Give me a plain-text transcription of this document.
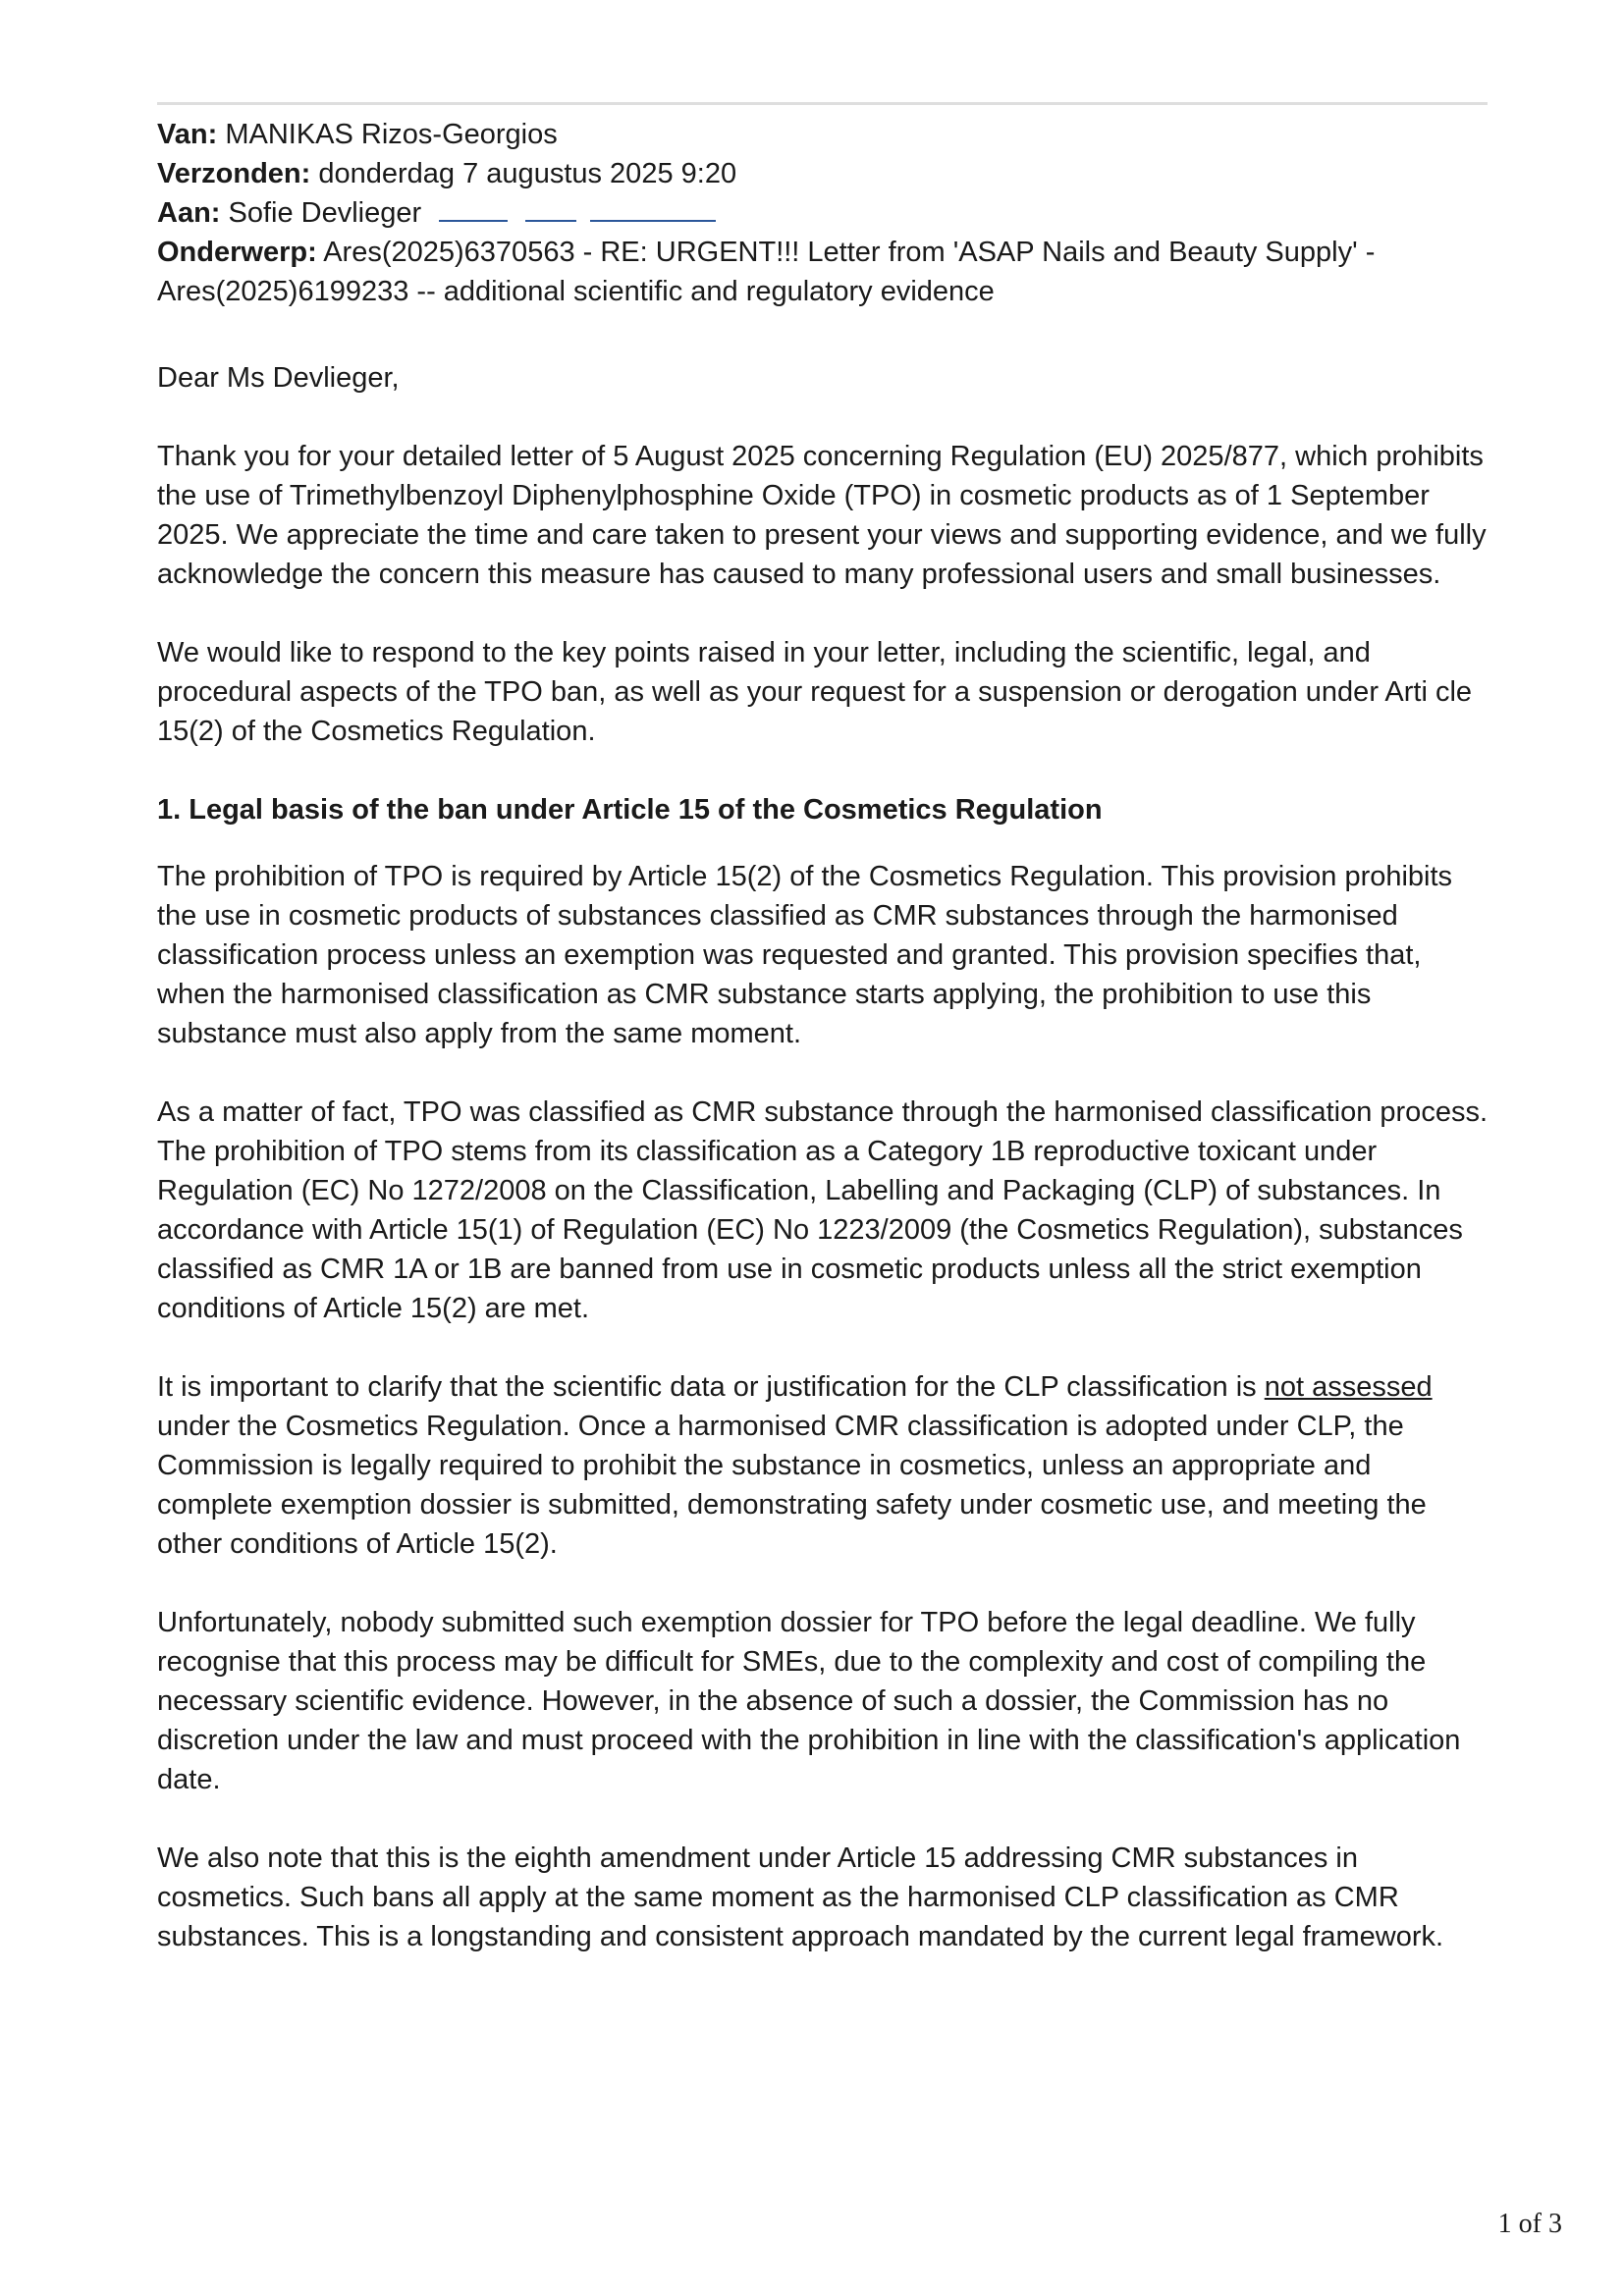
Van: MANIKAS Rizos-Georgios
Verzonden: donderdag 7 augustus 2025 9:20
Aan: Sofie Devlieger
Onderwerp: Ares(2025)6370563 - RE: URGENT!!! Letter from 'ASAP Nails and Beauty Supply' -
Ares(2025)6199233 -- additional scientific and regulatory evidence

Dear Ms Devlieger,

Thank you for your detailed letter of 5 August 2025 concerning Regulation (EU) 2025/877, which prohibits the use of Trimethylbenzoyl Diphenylphosphine Oxide (TPO) in cosmetic products as of 1 September 2025. We appreciate the time and care taken to present your views and supporting evidence, and we fully acknowledge the concern this measure has caused to many professional users and small businesses.

We would like to respond to the key points raised in your letter, including the scientific, legal, and procedural aspects of the TPO ban, as well as your request for a suspension or derogation under Arti cle 15(2) of the Cosmetics Regulation.

1. Legal basis of the ban under Article 15 of the Cosmetics Regulation

The prohibition of TPO is required by Article 15(2) of the Cosmetics Regulation. This provision prohibits the use in cosmetic products of substances classified as CMR substances through the harmonised classification process unless an exemption was requested and granted. This provision specifies that, when the harmonised classification as CMR substance starts applying, the prohibition to use this substance must also apply from the same moment.

As a matter of fact, TPO was classified as CMR substance through the harmonised classification process. The prohibition of TPO stems from its classification as a Category 1B reproductive toxicant under Regulation (EC) No 1272/2008 on the Classification, Labelling and Packaging (CLP) of substances. In accordance with Article 15(1) of Regulation (EC) No 1223/2009 (the Cosmetics Regulation), substances classified as CMR 1A or 1B are banned from use in cosmetic products unless all the strict exemption conditions of Article 15(2) are met.

It is important to clarify that the scientific data or justification for the CLP classification is not assessed under the Cosmetics Regulation. Once a harmonised CMR classification is adopted under CLP, the Commission is legally required to prohibit the substance in cosmetics, unless an appropriate and complete exemption dossier is submitted, demonstrating safety under cosmetic use, and meeting the other conditions of Article 15(2).

Unfortunately, nobody submitted such exemption dossier for TPO before the legal deadline. We fully recognise that this process may be difficult for SMEs, due to the complexity and cost of compiling the necessary scientific evidence. However, in the absence of such a dossier, the Commission has no discretion under the law and must proceed with the prohibition in line with the classification's application date.

We also note that this is the eighth amendment under Article 15 addressing CMR substances in cosmetics. Such bans all apply at the same moment as the harmonised CLP classification as CMR substances. This is a longstanding and consistent approach mandated by the current legal framework.

1 of 3
